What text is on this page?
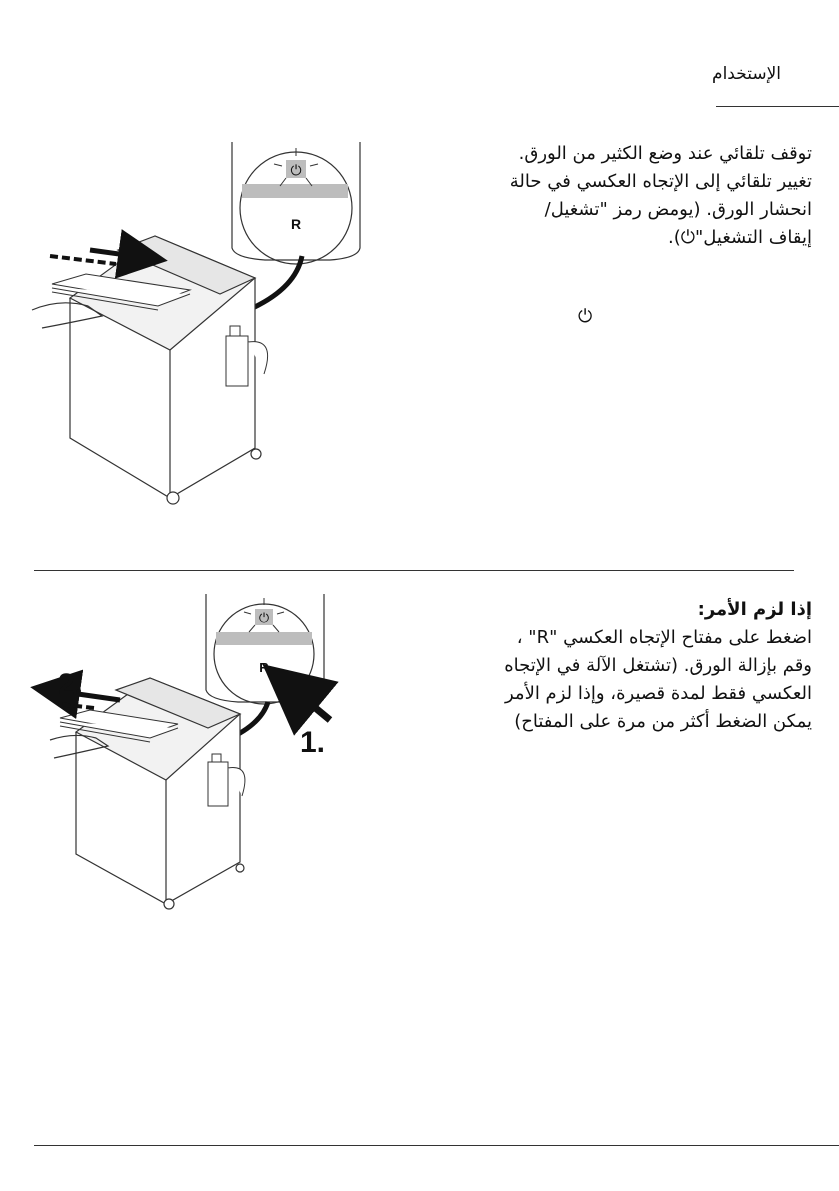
الإستخدام
⏻
R
توقف تلقائي عند وضع الكثير من الورق.
تغيير تلقائي إلى الإتجاه العكسي في حالة
انحشار الورق. (يومض رمز "تشغيل/
إيقاف التشغيل"⏻).
⏻
⏻
R
1.
2.
إذا لزم الأمر:
اضغط على مفتاح الإتجاه العكسي "R" ،
وقم بإزالة الورق. (تشتغل الآلة في الإتجاه
العكسي فقط لمدة قصيرة، وإذا لزم الأمر
يمكن الضغط أكثر من مرة على المفتاح)
